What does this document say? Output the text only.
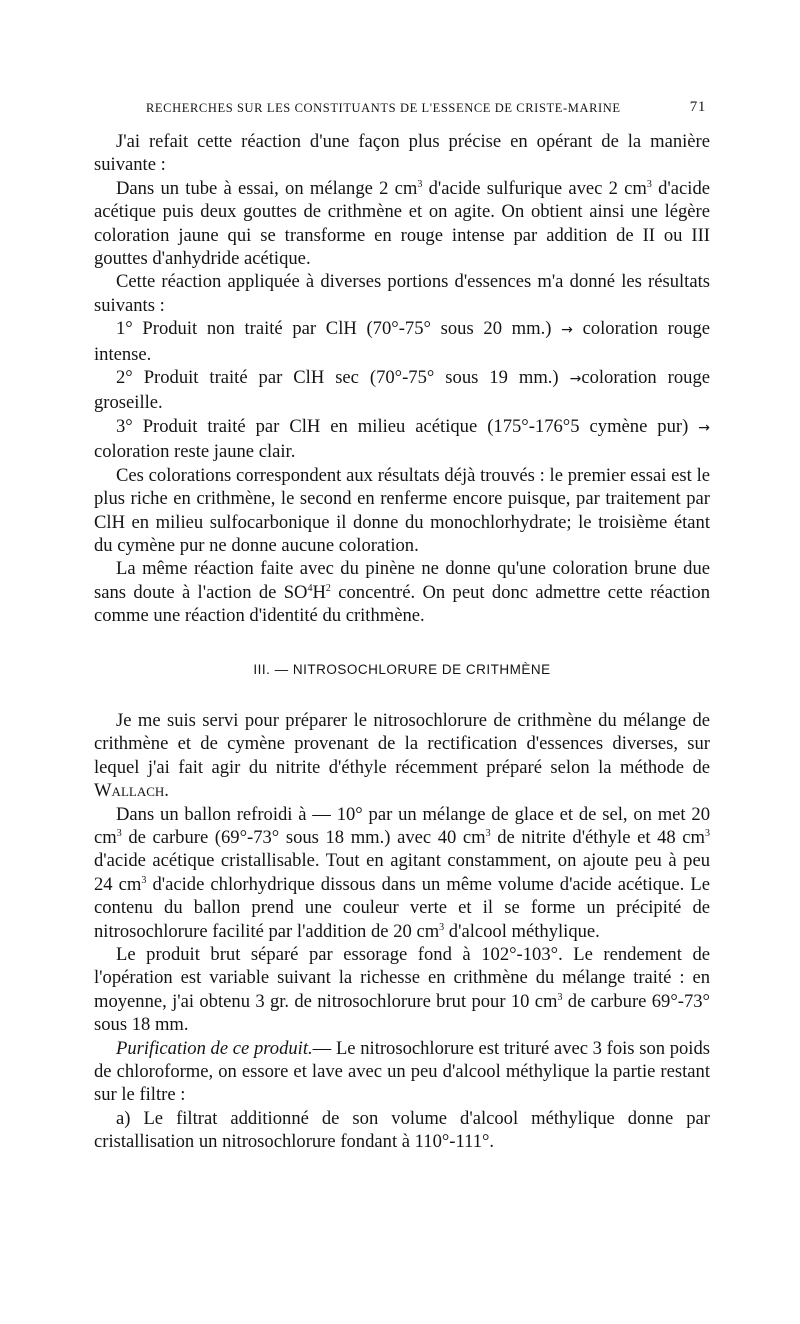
RECHERCHES SUR LES CONSTITUANTS DE L'ESSENCE DE CRISTE-MARINE	71

J'ai refait cette réaction d'une façon plus précise en opérant de la manière suivante :

Dans un tube à essai, on mélange 2 $cm^3$ d'acide sulfurique avec 2 $cm^3$ d'acide acétique puis deux gouttes de crithmène et on agite. On obtient ainsi une légère coloration jaune qui se transforme en rouge intense par addition de II ou III gouttes d'anhydride acétique.

Cette réaction appliquée à diverses portions d'essences m'a donné les résultats suivants :

1° Produit non traité par ClH (70°-75° sous 20 mm.) → coloration rouge intense.

2° Produit traité par ClH sec (70°-75° sous 19 mm.) →coloration rouge groseille.

3° Produit traité par ClH en milieu acétique (175°-176°5 cymène pur) → coloration reste jaune clair.

Ces colorations correspondent aux résultats déjà trouvés : le premier essai est le plus riche en crithmène, le second en renferme encore puisque, par traitement par ClH en milieu sulfocarbonique il donne du monochlorhydrate; le troisième étant du cymène pur ne donne aucune coloration.

La même réaction faite avec du pinène ne donne qu'une coloration brune due sans doute à l'action de $SO^4H^2$ concentré. On peut donc admettre cette réaction comme une réaction d'identité du crithmène.

III. — NITROSOCHLORURE DE CRITHMÈNE

Je me suis servi pour préparer le nitrosochlorure de crithmène du mélange de crithmène et de cymène provenant de la rectification d'essences diverses, sur lequel j'ai fait agir du nitrite d'éthyle récemment préparé selon la méthode de Wallach.

Dans un ballon refroidi à — 10° par un mélange de glace et de sel, on met 20 $cm^3$ de carbure (69°-73° sous 18 mm.) avec 40 $cm^3$ de nitrite d'éthyle et 48 $cm^3$ d'acide acétique cristallisable. Tout en agitant constamment, on ajoute peu à peu 24 $cm^3$ d'acide chlorhydrique dissous dans un même volume d'acide acétique. Le contenu du ballon prend une couleur verte et il se forme un précipité de nitrosochlorure facilité par l'addition de 20 $cm^3$ d'alcool méthylique.

Le produit brut séparé par essorage fond à 102°-103°. Le rendement de l'opération est variable suivant la richesse en crithmène du mélange traité : en moyenne, j'ai obtenu 3 gr. de nitrosochlorure brut pour 10 $cm^3$ de carbure 69°-73° sous 18 mm.

Purification de ce produit.— Le nitrosochlorure est trituré avec 3 fois son poids de chloroforme, on essore et lave avec un peu d'alcool méthylique la partie restant sur le filtre :

a) Le filtrat additionné de son volume d'alcool méthylique donne par cristallisation un nitrosochlorure fondant à 110°-111°.
